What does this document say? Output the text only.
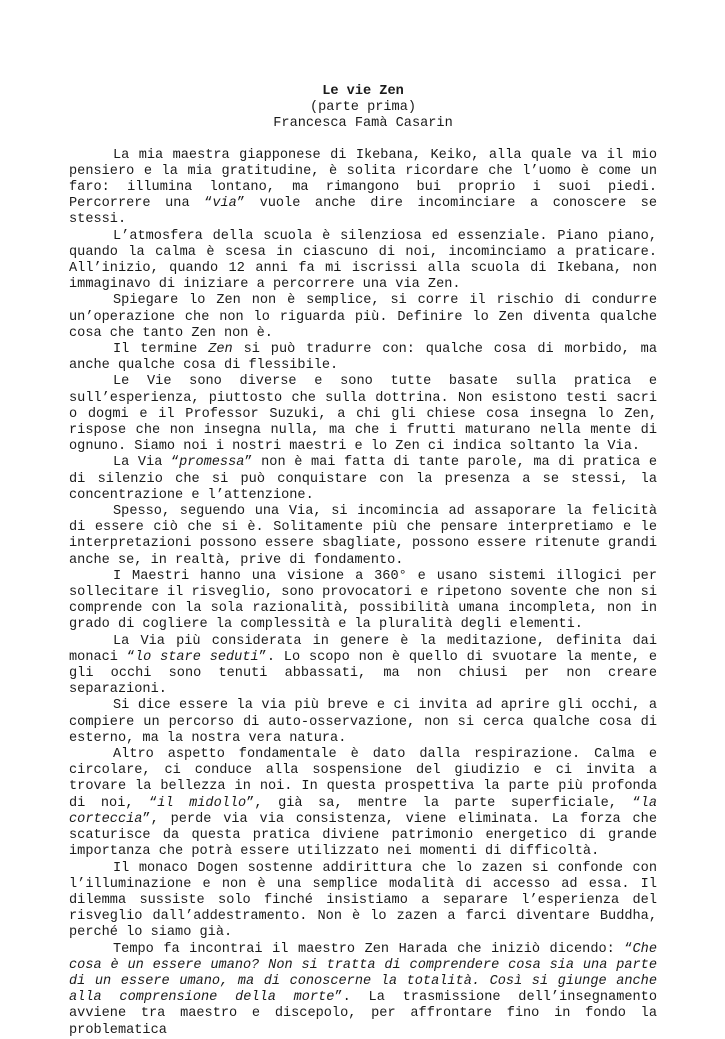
Le vie Zen
(parte prima)
Francesca Famà Casarin

La mia maestra giapponese di Ikebana, Keiko, alla quale va il mio pensiero e la mia gratitudine, è solita ricordare che l’uomo è come un faro: illumina lontano, ma rimangono bui proprio i suoi piedi. Percorrere una “via” vuole anche dire incominciare a conoscere se stessi.

L’atmosfera della scuola è silenziosa ed essenziale. Piano piano, quando la calma è scesa in ciascuno di noi, incominciamo a praticare. All’inizio, quando 12 anni fa mi iscrissi alla scuola di Ikebana, non immaginavo di iniziare a percorrere una via Zen.

Spiegare lo Zen non è semplice, si corre il rischio di condurre un’operazione che non lo riguarda più. Definire lo Zen diventa qualche cosa che tanto Zen non è.

Il termine Zen si può tradurre con: qualche cosa di morbido, ma anche qualche cosa di flessibile.

Le Vie sono diverse e sono tutte basate sulla pratica e sull’esperienza, piuttosto che sulla dottrina. Non esistono testi sacri o dogmi e il Professor Suzuki, a chi gli chiese cosa insegna lo Zen, rispose che non insegna nulla, ma che i frutti maturano nella mente di ognuno. Siamo noi i nostri maestri e lo Zen ci indica soltanto la Via.

La Via “promessa” non è mai fatta di tante parole, ma di pratica e di silenzio che si può conquistare con la presenza a se stessi, la concentrazione e l’attenzione.

Spesso, seguendo una Via, si incomincia ad assaporare la felicità di essere ciò che si è. Solitamente più che pensare interpretiamo e le interpretazioni possono essere sbagliate, possono essere ritenute grandi anche se, in realtà, prive di fondamento.

I Maestri hanno una visione a 360° e usano sistemi illogici per sollecitare il risveglio, sono provocatori e ripetono sovente che non si comprende con la sola razionalità, possibilità umana incompleta, non in grado di cogliere la complessità e la pluralità degli elementi.

La Via più considerata in genere è la meditazione, definita dai monaci “lo stare seduti”. Lo scopo non è quello di svuotare la mente, e gli occhi sono tenuti abbassati, ma non chiusi per non creare separazioni.

Si dice essere la via più breve e ci invita ad aprire gli occhi, a compiere un percorso di auto-osservazione, non si cerca qualche cosa di esterno, ma la nostra vera natura.

Altro aspetto fondamentale è dato dalla respirazione. Calma e circolare, ci conduce alla sospensione del giudizio e ci invita a trovare la bellezza in noi. In questa prospettiva la parte più profonda di noi, “il midollo”, già sa, mentre la parte superficiale, “la corteccia”, perde via via consistenza, viene eliminata. La forza che scaturisce da questa pratica diviene patrimonio energetico di grande importanza che potrà essere utilizzato nei momenti di difficoltà.

Il monaco Dogen sostenne addirittura che lo zazen si confonde con l’illuminazione e non è una semplice modalità di accesso ad essa. Il dilemma sussiste solo finché insistiamo a separare l’esperienza del risveglio dall’addestramento. Non è lo zazen a farci diventare Buddha, perché lo siamo già.

Tempo fa incontrai il maestro Zen Harada che iniziò dicendo: “Che cosa è un essere umano? Non si tratta di comprendere cosa sia una parte di un essere umano, ma di conoscerne la totalità. Così si giunge anche alla comprensione della morte”. La trasmissione dell’insegnamento avviene tra maestro e discepolo, per affrontare fino in fondo la problematica
